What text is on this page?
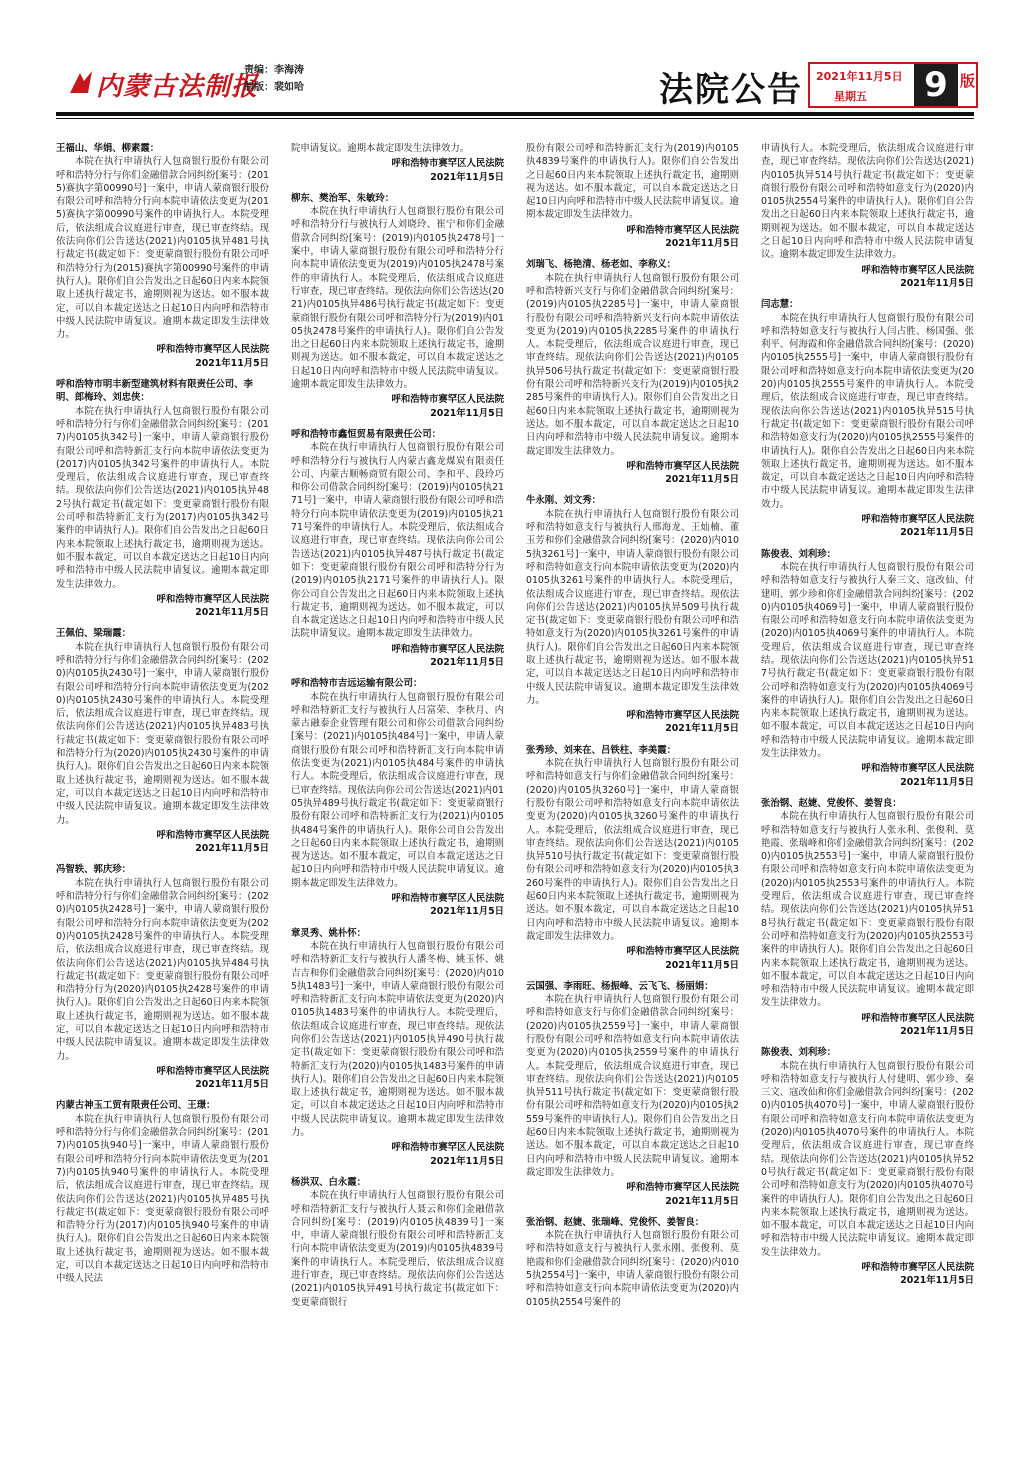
内蒙古法制报
责编：李海涛
制版：裴如哈	法院公告 2021年11月5日
星期五 9 版

王福山、华娟、柳素霞：

本院在执行申请执行人包商银行股份有限公司呼和浩特分行与你们金融借款合同纠纷[案号：(2015)赛执字第00990号]一案中，申请人蒙商银行股份有限公司呼和浩特分行向本院申请依法变更为(2015)赛执字第00990号案件的申请执行人。本院受理后，依法组成合议庭进行审查，现已审查终结。现依法向你们公告送达(2021)内0105执异481号执行裁定书(裁定如下：变更蒙商银行股份有限公司呼和浩特分行为(2015)赛执字第00990号案件的申请执行人)。限你们自公告发出之日起60日内来本院领取上述执行裁定书，逾期则视为送达。如不服本裁定，可以自本裁定送达之日起10日内向呼和浩特市中级人民法院申请复议。逾期本裁定即发生法律效力。

呼和浩特市赛罕区人民法院

2021年11月5日

呼和浩特市明丰新型建筑材料有限责任公司、李明、郎梅玲、刘忠侠：

本院在执行申请执行人包商银行股份有限公司呼和浩特分行与你们金融借款合同纠纷[案号：(2017)内0105执342号]一案中，申请人蒙商银行股份有限公司呼和浩特新汇支行向本院申请依法变更为(2017)内0105执342号案件的申请执行人。本院受理后，依法组成合议庭进行审查，现已审查终结。现依法向你们公告送达(2021)内0105执异482号执行裁定书(裁定如下：变更蒙商银行股份有限公司呼和浩特新汇支行为(2017)内0105执342号案件的申请执行人)。限你们自公告发出之日起60日内来本院领取上述执行裁定书，逾期则视为送达。如不服本裁定，可以自本裁定送达之日起10日内向呼和浩特市中级人民法院申请复议。逾期本裁定即发生法律效力。

呼和浩特市赛罕区人民法院

2021年11月5日

王佩伯、梁瑞霞：

本院在执行申请执行人包商银行股份有限公司呼和浩特分行与你们金融借款合同纠纷[案号：(2020)内0105执2430号]一案中，申请人蒙商银行股份有限公司呼和浩特分行向本院申请依法变更为(2020)内0105执2430号案件的申请执行人。本院受理后，依法组成合议庭进行审查，现已审查终结。现依法向你们公告送达(2021)内0105执异483号执行裁定书(裁定如下：变更蒙商银行股份有限公司呼和浩特分行为(2020)内0105执2430号案件的申请执行人)。限你们自公告发出之日起60日内来本院领取上述执行裁定书，逾期则视为送达。如不服本裁定，可以自本裁定送达之日起10日内向呼和浩特市中级人民法院申请复议。逾期本裁定即发生法律效力。

呼和浩特市赛罕区人民法院

2021年11月5日

冯智轶、郭庆珍：

本院在执行申请执行人包商银行股份有限公司呼和浩特分行与你们金融借款合同纠纷[案号：(2020)内0105执2428号]一案中，申请人蒙商银行股份有限公司呼和浩特分行向本院申请依法变更为(2020)内0105执2428号案件的申请执行人。本院受理后，依法组成合议庭进行审查，现已审查终结。现依法向你们公告送达(2021)内0105执异484号执行裁定书(裁定如下：变更蒙商银行股份有限公司呼和浩特分行为(2020)内0105执2428号案件的申请执行人)。限你们自公告发出之日起60日内来本院领取上述执行裁定书，逾期则视为送达。如不服本裁定，可以自本裁定送达之日起10日内向呼和浩特市中级人民法院申请复议。逾期本裁定即发生法律效力。

呼和浩特市赛罕区人民法院

2021年11月5日

内蒙古神玉工贸有限责任公司、王璟：

本院在执行申请执行人包商银行股份有限公司呼和浩特分行与你们金融借款合同纠纷[案号：(2017)内0105执940号]一案中，申请人蒙商银行股份有限公司呼和浩特分行向本院申请依法变更为(2017)内0105执940号案件的申请执行人。本院受理后，依法组成合议庭进行审查，现已审查终结。现依法向你们公告送达(2021)内0105执异485号执行裁定书(裁定如下：变更蒙商银行股份有限公司呼和浩特分行为(2017)内0105执940号案件的申请执行人)。限你们自公告发出之日起60日内来本院领取上述执行裁定书，逾期则视为送达。如不服本裁定，可以自本裁定送达之日起10日内向呼和浩特市中级人民法

院申请复议。逾期本裁定即发生法律效力。

呼和浩特市赛罕区人民法院

2021年11月5日

柳东、樊治军、朱敏玲：

本院在执行申请执行人包商银行股份有限公司呼和浩特分行与被执行人刘晓玲、崔宁和你们金融借款合同纠纷[案号：(2019)内0105执2478号]一案中，申请人蒙商银行股份有限公司呼和浩特分行向本院申请依法变更为(2019)内0105执2478号案件的申请执行人。本院受理后，依法组成合议庭进行审查，现已审查终结。现依法向你们公告送达(2021)内0105执异486号执行裁定书(裁定如下：变更蒙商银行股份有限公司呼和浩特分行为(2019)内0105执2478号案件的申请执行人)。限你们自公告发出之日起60日内来本院领取上述执行裁定书，逾期则视为送达。如不服本裁定，可以自本裁定送达之日起10日内向呼和浩特市中级人民法院申请复议。逾期本裁定即发生法律效力。

呼和浩特市赛罕区人民法院

2021年11月5日

呼和浩特市鑫恒贸易有限责任公司：

本院在执行申请执行人包商银行股份有限公司呼和浩特分行与被执行人内蒙古鑫龙煤炭有限责任公司、内蒙古顺畅商贸有限公司、李和平、段玲巧和你公司借款合同纠纷[案号：(2019)内0105执2171号]一案中，申请人蒙商银行股份有限公司呼和浩特分行向本院申请依法变更为(2019)内0105执2171号案件的申请执行人。本院受理后，依法组成合议庭进行审查，现已审查终结。现依法向你公司公告送达(2021)内0105执异487号执行裁定书(裁定如下：变更蒙商银行股份有限公司呼和浩特分行为(2019)内0105执2171号案件的申请执行人)。限你公司自公告发出之日起60日内来本院领取上述执行裁定书，逾期则视为送达。如不服本裁定，可以自本裁定送达之日起10日内向呼和浩特市中级人民法院申请复议。逾期本裁定即发生法律效力。

呼和浩特市赛罕区人民法院

2021年11月5日

呼和浩特市吉远运输有限公司：

本院在执行申请执行人包商银行股份有限公司呼和浩特新汇支行与被执行人吕富荣、李秋月、内蒙古融泰企业管理有限公司和你公司借款合同纠纷[案号：(2021)内0105执484号]一案中，申请人蒙商银行股份有限公司呼和浩特新汇支行向本院申请依法变更为(2021)内0105执484号案件的申请执行人。本院受理后，依法组成合议庭进行审查，现已审查终结。现依法向你公司公告送达(2021)内0105执异489号执行裁定书(裁定如下：变更蒙商银行股份有限公司呼和浩特新汇支行为(2021)内0105执484号案件的申请执行人)。限你公司自公告发出之日起60日内来本院领取上述执行裁定书，逾期则视为送达。如不服本裁定，可以自本裁定送达之日起10日内向呼和浩特市中级人民法院申请复议。逾期本裁定即发生法律效力。

呼和浩特市赛罕区人民法院

2021年11月5日

章灵秀、姚朴怀：

本院在执行申请执行人包商银行股份有限公司呼和浩特新汇支行与被执行人潘冬梅、姚玉怀、姚吉吉和你们金融借款合同纠纷[案号：(2020)内0105执1483号]一案中，申请人蒙商银行股份有限公司呼和浩特新汇支行向本院申请依法变更为(2020)内0105执1483号案件的申请执行人。本院受理后，依法组成合议庭进行审查，现已审查终结。现依法向你们公告送达(2021)内0105执异490号执行裁定书(裁定如下：变更蒙商银行股份有限公司呼和浩特新汇支行为(2020)内0105执1483号案件的申请执行人)。限你们自公告发出之日起60日内来本院领取上述执行裁定书，逾期则视为送达。如不服本裁定，可以自本裁定送达之日起10日内向呼和浩特市中级人民法院申请复议。逾期本裁定即发生法律效力。

呼和浩特市赛罕区人民法院

2021年11月5日

杨洪双、白永霞：

本院在执行申请执行人包商银行股份有限公司呼和浩特新汇支行与被执行人聂云和你们金融借款合同纠纷[案号：(2019)内0105执4839号]一案中，申请人蒙商银行股份有限公司呼和浩特新汇支行向本院申请依法变更为(2019)内0105执4839号案件的申请执行人。本院受理后，依法组成合议庭进行审查，现已审查终结。现依法向你们公告送达(2021)内0105执异491号执行裁定书(裁定如下：变更蒙商银行

股份有限公司呼和浩特新汇支行为(2019)内0105执4839号案件的申请执行人)。限你们自公告发出之日起60日内来本院领取上述执行裁定书，逾期则视为送达。如不服本裁定，可以自本裁定送达之日起10日内向呼和浩特市中级人民法院申请复议。逾期本裁定即发生法律效力。

呼和浩特市赛罕区人民法院

2021年11月5日

刘瑞飞、杨艳清、杨老如、李称义：

本院在执行申请执行人包商银行股份有限公司呼和浩特新兴支行与你们金融借款合同纠纷[案号：(2019)内0105执2285号]一案中，申请人蒙商银行股份有限公司呼和浩特新兴支行向本院申请依法变更为(2019)内0105执2285号案件的申请执行人。本院受理后，依法组成合议庭进行审查，现已审查终结。现依法向你们公告送达(2021)内0105执异506号执行裁定书(裁定如下：变更蒙商银行股份有限公司呼和浩特新兴支行为(2019)内0105执2285号案件的申请执行人)。限你们自公告发出之日起60日内来本院领取上述执行裁定书，逾期则视为送达。如不服本裁定，可以自本裁定送达之日起10日内向呼和浩特市中级人民法院申请复议。逾期本裁定即发生法律效力。

呼和浩特市赛罕区人民法院

2021年11月5日

牛永刚、刘文秀：

本院在执行申请执行人包商银行股份有限公司呼和浩特如意支行与被执行人邢海龙、王灿楠、董玉芳和你们金融借款合同纠纷[案号：(2020)内0105执3261号]一案中，申请人蒙商银行股份有限公司呼和浩特如意支行向本院申请依法变更为(2020)内0105执3261号案件的申请执行人。本院受理后，依法组成合议庭进行审查，现已审查终结。现依法向你们公告送达(2021)内0105执异509号执行裁定书(裁定如下：变更蒙商银行股份有限公司呼和浩特如意支行为(2020)内0105执3261号案件的申请执行人)。限你们自公告发出之日起60日内来本院领取上述执行裁定书，逾期则视为送达。如不服本裁定，可以自本裁定送达之日起10日内向呼和浩特市中级人民法院申请复议。逾期本裁定即发生法律效力。

呼和浩特市赛罕区人民法院

2021年11月5日

张秀珍、刘来在、吕铁柱、李美霞：

本院在执行申请执行人包商银行股份有限公司呼和浩特如意支行与你们金融借款合同纠纷[案号：(2020)内0105执3260号]一案中，申请人蒙商银行股份有限公司呼和浩特如意支行向本院申请依法变更为(2020)内0105执3260号案件的申请执行人。本院受理后，依法组成合议庭进行审查，现已审查终结。现依法向你们公告送达(2021)内0105执异510号执行裁定书(裁定如下：变更蒙商银行股份有限公司呼和浩特如意支行为(2020)内0105执3260号案件的申请执行人)。限你们自公告发出之日起60日内来本院领取上述执行裁定书，逾期则视为送达。如不服本裁定，可以自本裁定送达之日起10日内向呼和浩特市中级人民法院申请复议。逾期本裁定即发生法律效力。

呼和浩特市赛罕区人民法院

2021年11月5日

云国强、李雨旺、杨振峰、云飞飞、杨丽娟：

本院在执行申请执行人包商银行股份有限公司呼和浩特如意支行与你们金融借款合同纠纷[案号：(2020)内0105执2559号]一案中，申请人蒙商银行股份有限公司呼和浩特如意支行向本院申请依法变更为(2020)内0105执2559号案件的申请执行人。本院受理后，依法组成合议庭进行审查，现已审查终结。现依法向你们公告送达(2021)内0105执异511号执行裁定书(裁定如下：变更蒙商银行股份有限公司呼和浩特如意支行为(2020)内0105执2559号案件的申请执行人)。限你们自公告发出之日起60日内来本院领取上述执行裁定书，逾期则视为送达。如不服本裁定，可以自本裁定送达之日起10日内向呼和浩特市中级人民法院申请复议。逾期本裁定即发生法律效力。

呼和浩特市赛罕区人民法院

2021年11月5日

张治钢、赵婕、张瑞峰、党俊怀、姜智良：

本院在执行申请执行人包商银行股份有限公司呼和浩特如意支行与被执行人张永刚、张俊利、莫艳霞和你们金融借款合同纠纷[案号：(2020)内0105执2554号]一案中，申请人蒙商银行股份有限公司呼和浩特如意支行向本院申请依法变更为(2020)内0105执2554号案件的

申请执行人。本院受理后，依法组成合议庭进行审查，现已审查终结。现依法向你们公告送达(2021)内0105执异514号执行裁定书(裁定如下：变更蒙商银行股份有限公司呼和浩特如意支行为(2020)内0105执2554号案件的申请执行人)。限你们自公告发出之日起60日内来本院领取上述执行裁定书，逾期则视为送达。如不服本裁定，可以自本裁定送达之日起10日内向呼和浩特市中级人民法院申请复议。逾期本裁定即发生法律效力。

呼和浩特市赛罕区人民法院

2021年11月5日

闫志慧：

本院在执行申请执行人包商银行股份有限公司呼和浩特如意支行与被执行人闫占胜、杨国强、张利平、何海霞和你金融借款合同纠纷[案号：(2020)内0105执2555号]一案中，申请人蒙商银行股份有限公司呼和浩特如意支行向本院申请依法变更为(2020)内0105执2555号案件的申请执行人。本院受理后，依法组成合议庭进行审查，现已审查终结。现依法向你公告送达(2021)内0105执异515号执行裁定书(裁定如下：变更蒙商银行股份有限公司呼和浩特如意支行为(2020)内0105执2555号案件的申请执行人)。限你自公告发出之日起60日内来本院领取上述执行裁定书，逾期则视为送达。如不服本裁定，可以自本裁定送达之日起10日内向呼和浩特市中级人民法院申请复议。逾期本裁定即发生法律效力。

呼和浩特市赛罕区人民法院

2021年11月5日

陈俊表、刘利珍：

本院在执行申请执行人包商银行股份有限公司呼和浩特如意支行与被执行人秦三文、寇改仙、付建明、郭少珍和你们金融借款合同纠纷[案号：(2020)内0105执4069号]一案中，申请人蒙商银行股份有限公司呼和浩特如意支行向本院申请依法变更为(2020)内0105执4069号案件的申请执行人。本院受理后，依法组成合议庭进行审查，现已审查终结。现依法向你们公告送达(2021)内0105执异517号执行裁定书(裁定如下：变更蒙商银行股份有限公司呼和浩特如意支行为(2020)内0105执4069号案件的申请执行人)。限你们自公告发出之日起60日内来本院领取上述执行裁定书，逾期则视为送达。如不服本裁定，可以自本裁定送达之日起10日内向呼和浩特市中级人民法院申请复议。逾期本裁定即发生法律效力。

呼和浩特市赛罕区人民法院

2021年11月5日

张治钢、赵婕、党俊怀、姜智良：

本院在执行申请执行人包商银行股份有限公司呼和浩特如意支行与被执行人张永利、张俊利、莫艳霞、张瑞峰和你们金融借款合同纠纷[案号：(2020)内0105执2553号]一案中，申请人蒙商银行股份有限公司呼和浩特如意支行向本院申请依法变更为(2020)内0105执2553号案件的申请执行人。本院受理后，依法组成合议庭进行审查，现已审查终结。现依法向你们公告送达(2021)内0105执异518号执行裁定书(裁定如下：变更蒙商银行股份有限公司呼和浩特如意支行为(2020)内0105执2553号案件的申请执行人)。限你们自公告发出之日起60日内来本院领取上述执行裁定书，逾期则视为送达。如不服本裁定，可以自本裁定送达之日起10日内向呼和浩特市中级人民法院申请复议。逾期本裁定即发生法律效力。

呼和浩特市赛罕区人民法院

2021年11月5日

陈俊表、刘利珍：

本院在执行申请执行人包商银行股份有限公司呼和浩特如意支行与被执行人付建明、郭少珍、秦三文、寇改仙和你们金融借款合同纠纷[案号：(2020)内0105执4070号]一案中，申请人蒙商银行股份有限公司呼和浩特如意支行向本院申请依法变更为(2020)内0105执4070号案件的申请执行人。本院受理后，依法组成合议庭进行审查，现已审查终结。现依法向你们公告送达(2021)内0105执异520号执行裁定书(裁定如下：变更蒙商银行股份有限公司呼和浩特如意支行为(2020)内0105执4070号案件的申请执行人)。限你们自公告发出之日起60日内来本院领取上述执行裁定书，逾期则视为送达。如不服本裁定，可以自本裁定送达之日起10日内向呼和浩特市中级人民法院申请复议。逾期本裁定即发生法律效力。

呼和浩特市赛罕区人民法院

2021年11月5日
